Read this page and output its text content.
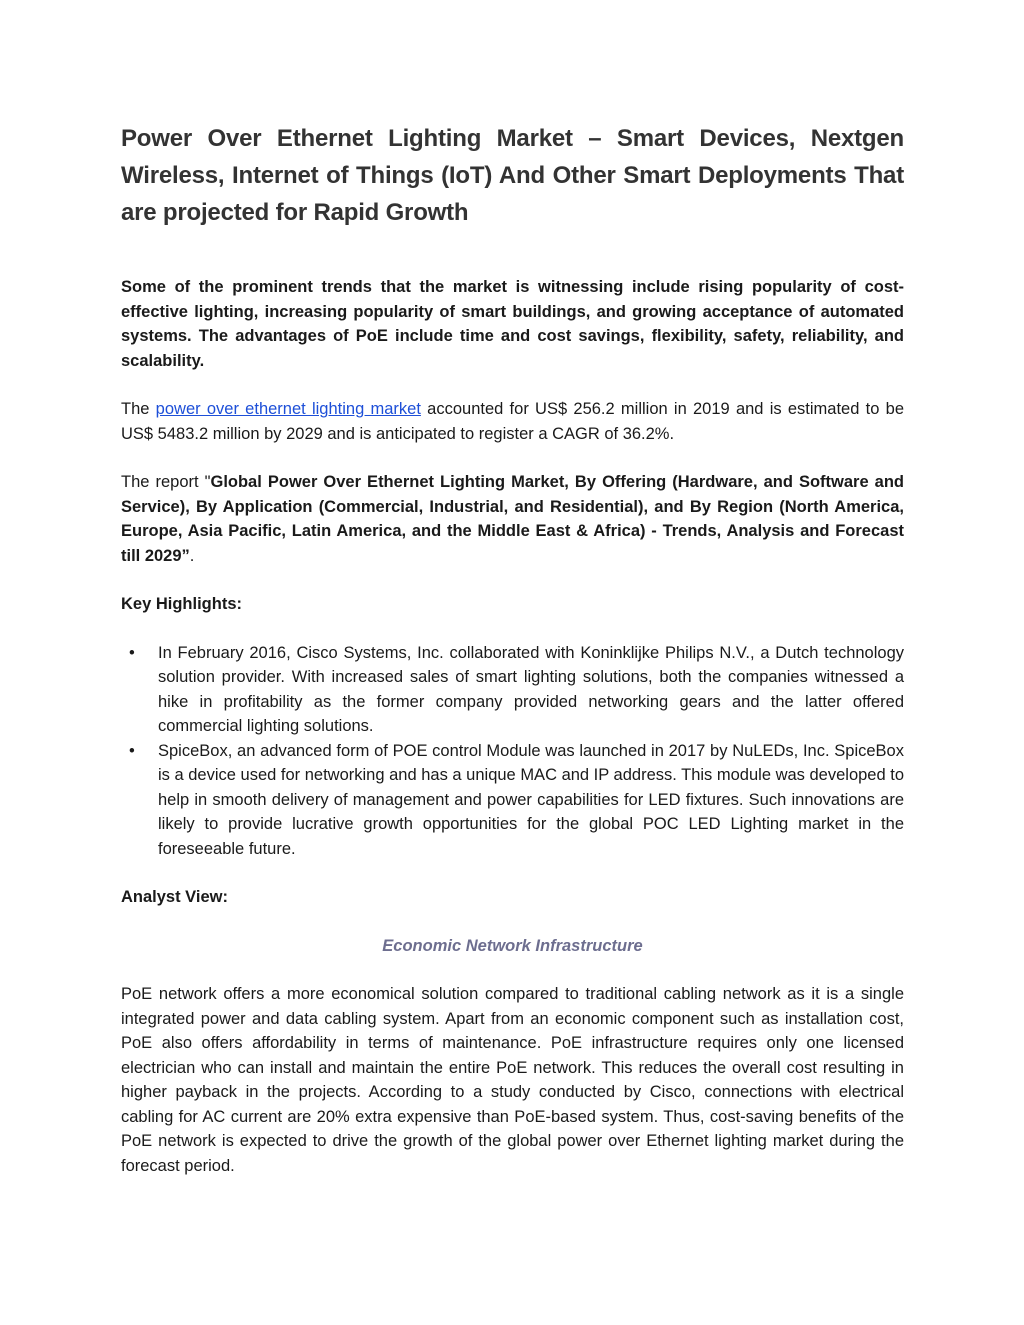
Power Over Ethernet Lighting Market – Smart Devices, Nextgen Wireless, Internet of Things (IoT) And Other Smart Deployments That are projected for Rapid Growth

Some of the prominent trends that the market is witnessing include rising popularity of cost-effective lighting, increasing popularity of smart buildings, and growing acceptance of automated systems. The advantages of PoE include time and cost savings, flexibility, safety, reliability, and scalability.

The power over ethernet lighting market accounted for US$ 256.2 million in 2019 and is estimated to be US$ 5483.2 million by 2029 and is anticipated to register a CAGR of 36.2%.

The report "Global Power Over Ethernet Lighting Market, By Offering (Hardware, and Software and Service), By Application (Commercial, Industrial, and Residential), and By Region (North America, Europe, Asia Pacific, Latin America, and the Middle East & Africa) - Trends, Analysis and Forecast till 2029”.

Key Highlights:
• In February 2016, Cisco Systems, Inc. collaborated with Koninklijke Philips N.V., a Dutch technology solution provider. With increased sales of smart lighting solutions, both the companies witnessed a hike in profitability as the former company provided networking gears and the latter offered commercial lighting solutions.
• SpiceBox, an advanced form of POE control Module was launched in 2017 by NuLEDs, Inc. SpiceBox is a device used for networking and has a unique MAC and IP address. This module was developed to help in smooth delivery of management and power capabilities for LED fixtures. Such innovations are likely to provide lucrative growth opportunities for the global POC LED Lighting market in the foreseeable future.
Analyst View:
Economic Network Infrastructure

PoE network offers a more economical solution compared to traditional cabling network as it is a single integrated power and data cabling system. Apart from an economic component such as installation cost, PoE also offers affordability in terms of maintenance. PoE infrastructure requires only one licensed electrician who can install and maintain the entire PoE network. This reduces the overall cost resulting in higher payback in the projects. According to a study conducted by Cisco, connections with electrical cabling for AC current are 20% extra expensive than PoE-based system. Thus, cost-saving benefits of the PoE network is expected to drive the growth of the global power over Ethernet lighting market during the forecast period.
